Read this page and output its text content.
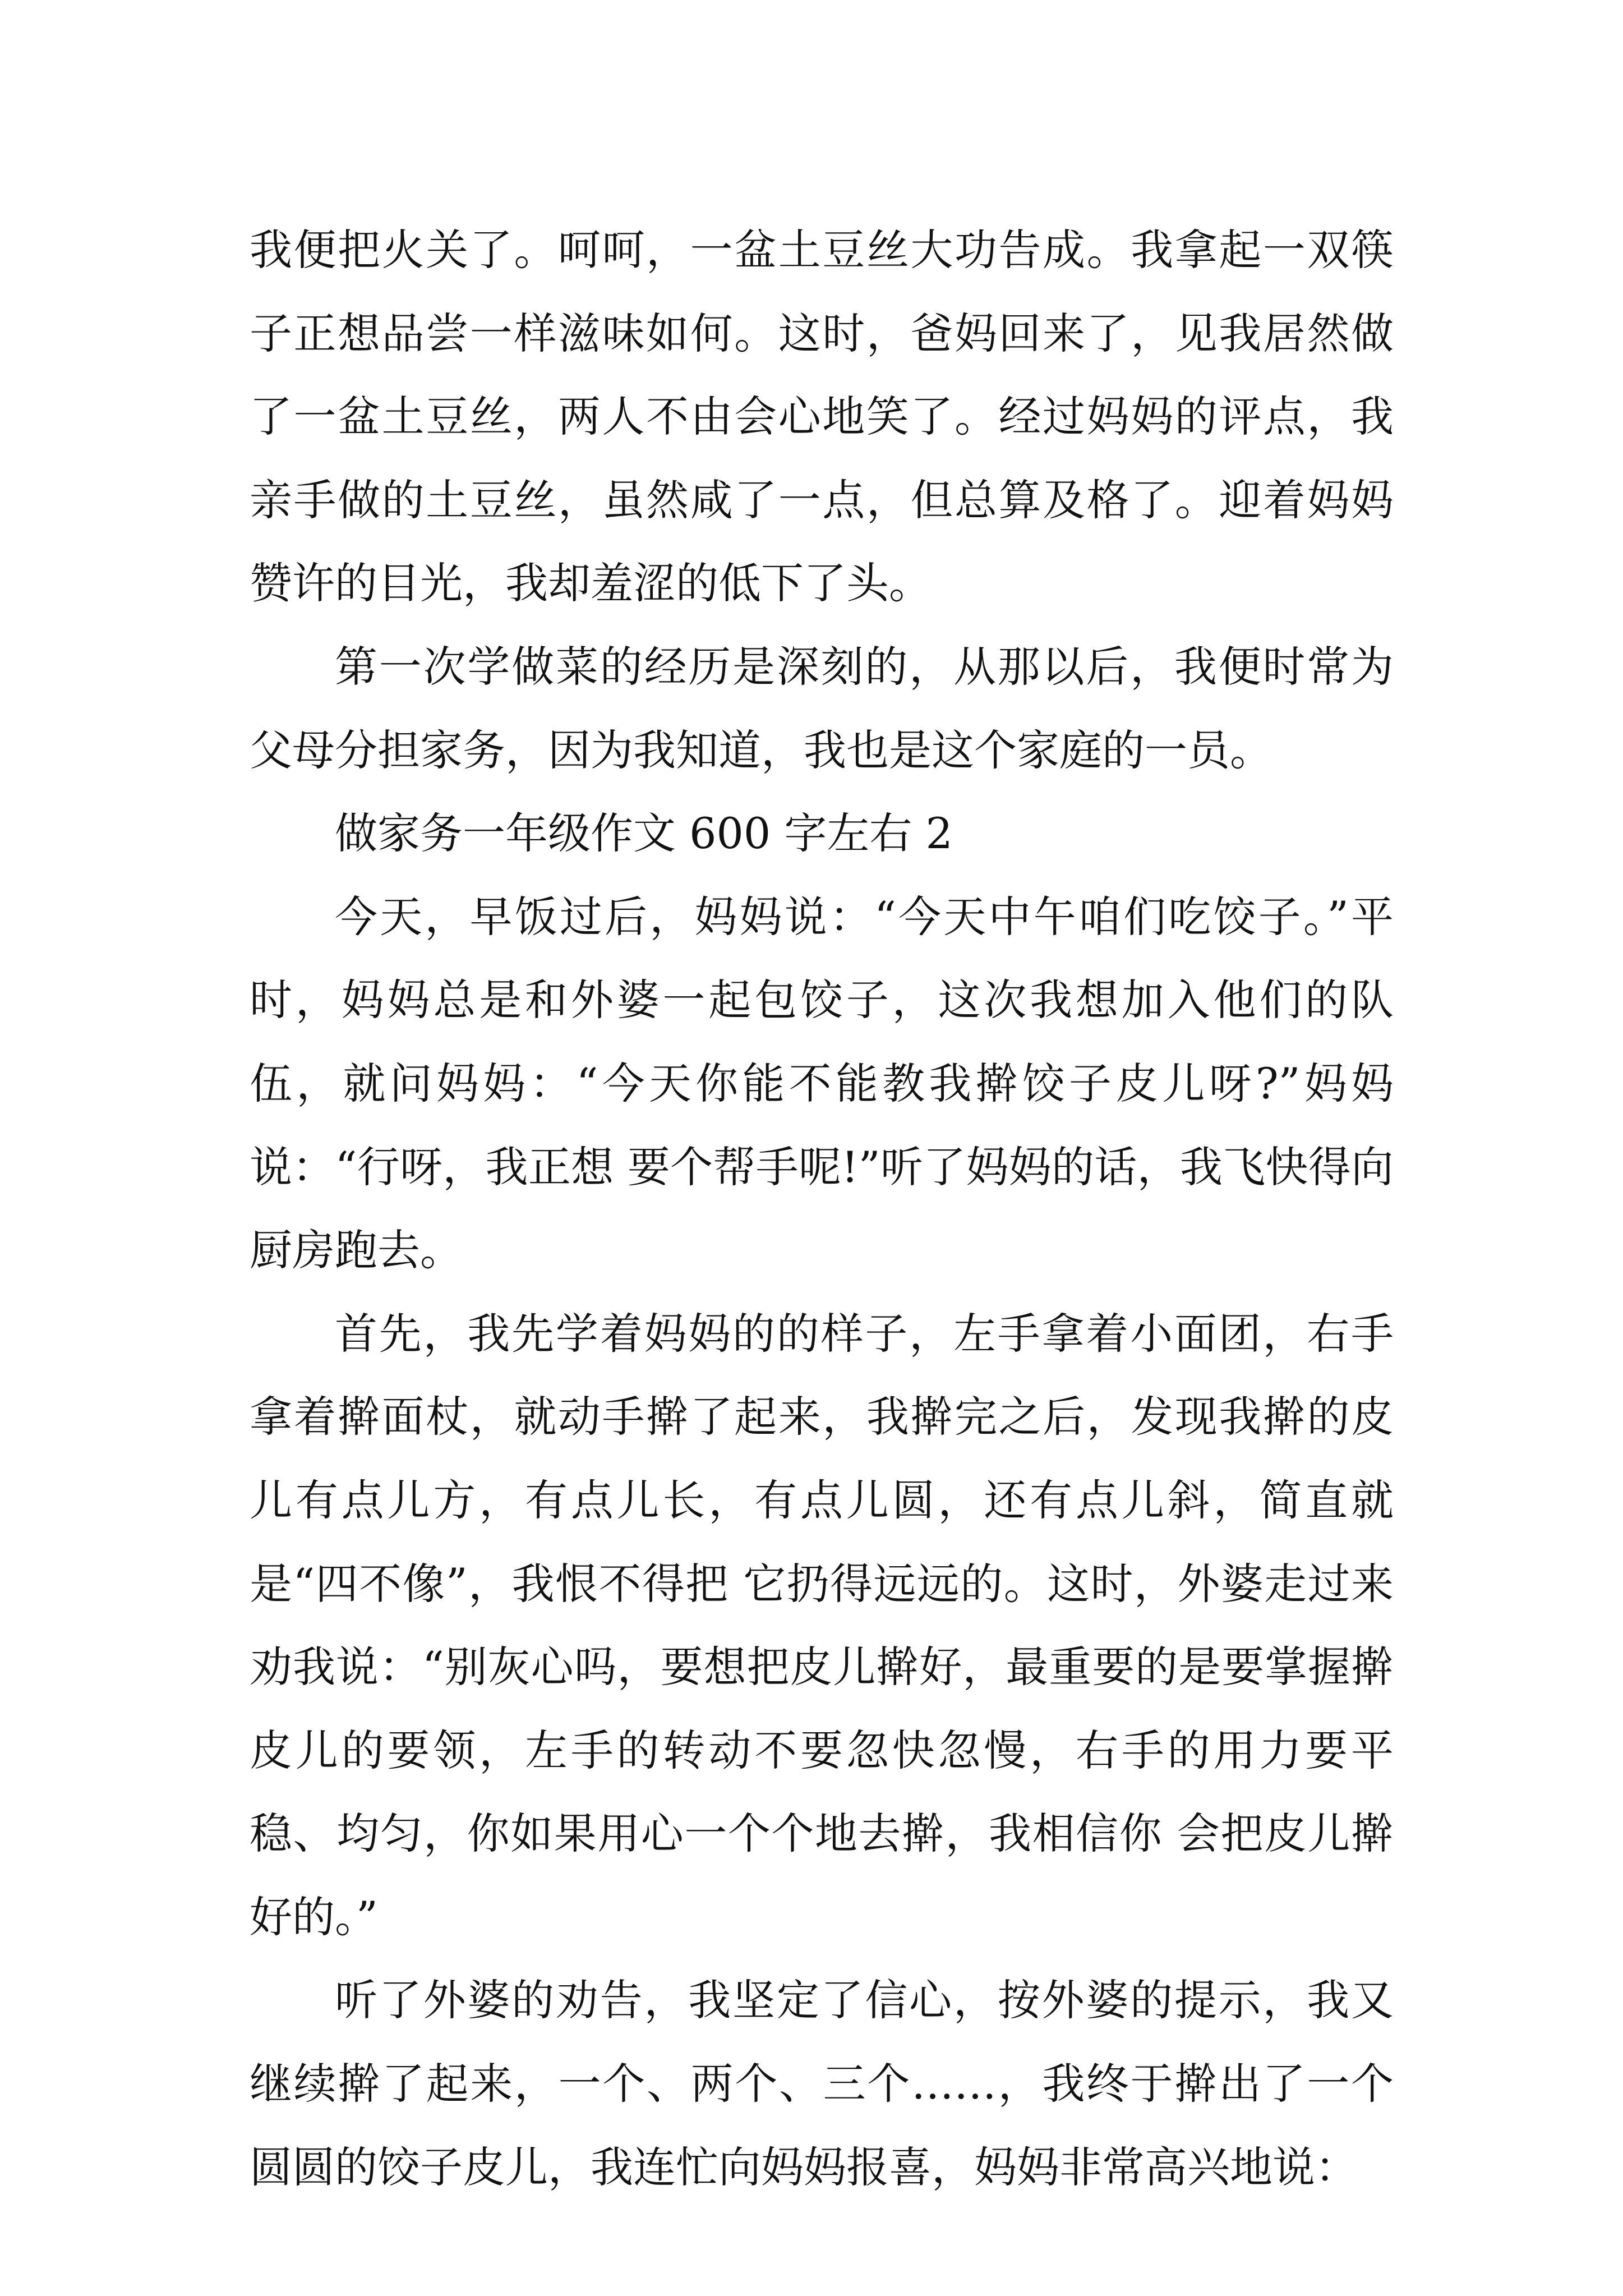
我便把火关了。呵呵，一盆土豆丝大功告成。我拿起一双筷子正想品尝一样滋味如何。这时，爸妈回来了，见我居然做了一盆土豆丝，两人不由会心地笑了。经过妈妈的评点，我亲手做的土豆丝，虽然咸了一点，但总算及格了。迎着妈妈赞许的目光，我却羞涩的低下了头。

第一次学做菜的经历是深刻的，从那以后，我便时常为父母分担家务，因为我知道，我也是这个家庭的一员。

做家务一年级作文 600 字左右 2

今天，早饭过后，妈妈说：“今天中午咱们吃饺子。”平时，妈妈总是和外婆一起包饺子，这次我想加入他们的队伍，就问妈妈：“今天你能不能教我擀饺子皮儿呀?”妈妈说：“行呀，我正想 要个帮手呢!”听了妈妈的话，我飞快得向厨房跑去。

首先，我先学着妈妈的的样子，左手拿着小面团，右手拿着擀面杖，就动手擀了起来，我擀完之后，发现我擀的皮儿有点儿方，有点儿长，有点儿圆，还有点儿斜，简直就是“四不像”，我恨不得把 它扔得远远的。这时，外婆走过来劝我说：“别灰心吗，要想把皮儿擀好，最重要的是要掌握擀皮儿的要领，左手的转动不要忽快忽慢，右手的用力要平稳、均匀，你如果用心一个个地去擀，我相信你 会把皮儿擀好的。”

听了外婆的劝告，我坚定了信心，按外婆的提示，我又继续擀了起来，一个、两个、三个……，我终于擀出了一个圆圆的饺子皮儿，我连忙向妈妈报喜，妈妈非常高兴地说：
